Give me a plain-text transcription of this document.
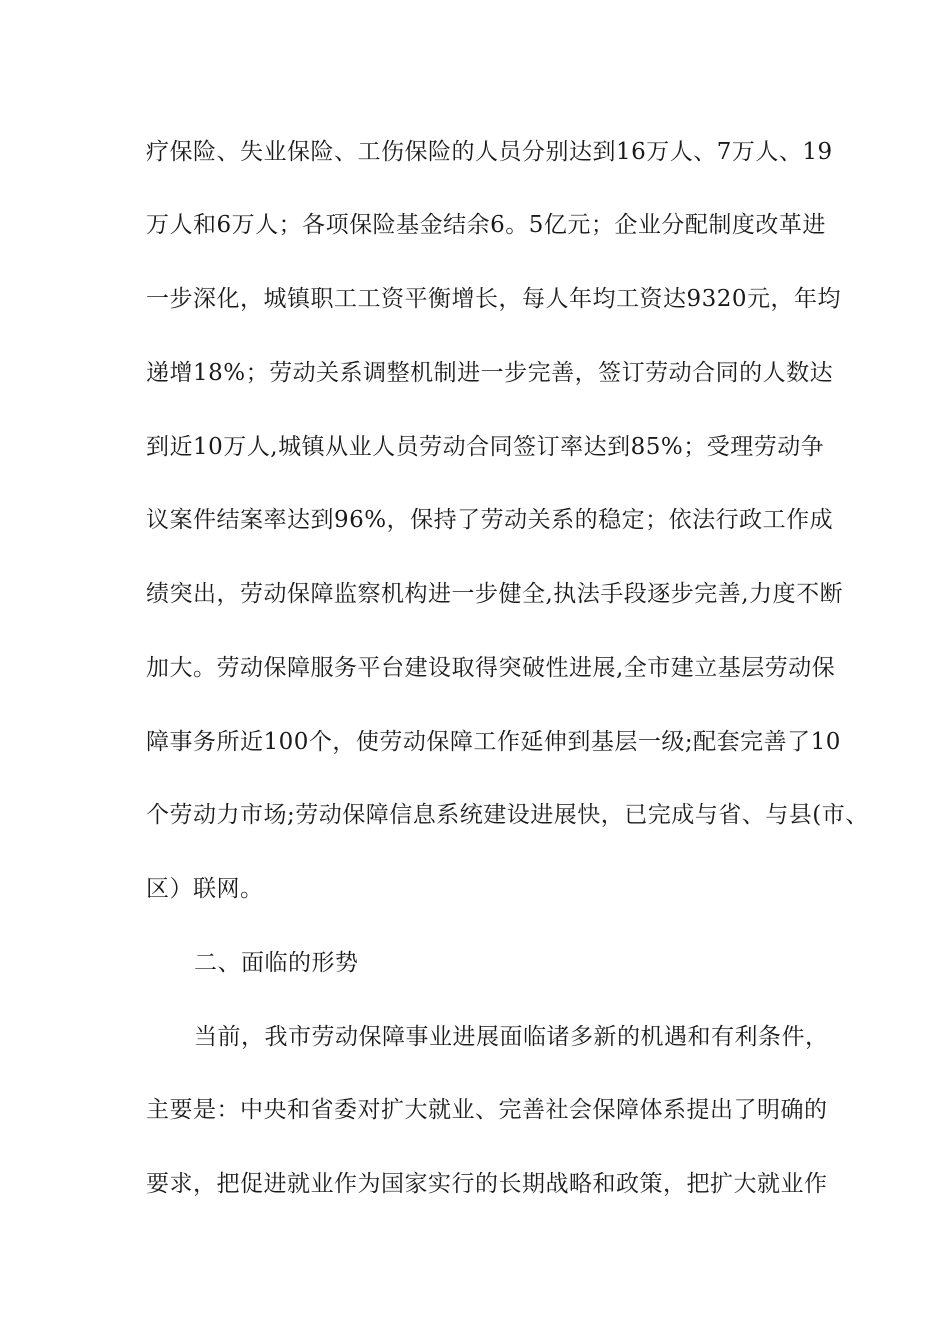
疗保险、失业保险、工伤保险的人员分别达到16万人、7万人、19
万人和6万人；各项保险基金结余6。5亿元；企业分配制度改革进
一步深化，城镇职工工资平衡增长，每人年均工资达9320元，年均
递增18%；劳动关系调整机制进一步完善，签订劳动合同的人数达
到近10万人,城镇从业人员劳动合同签订率达到85%；受理劳动争
议案件结案率达到96%，保持了劳动关系的稳定；依法行政工作成
绩突出，劳动保障监察机构进一步健全,执法手段逐步完善,力度不断
加大。劳动保障服务平台建设取得突破性进展,全市建立基层劳动保
障事务所近100个，使劳动保障工作延伸到基层一级;配套完善了10
个劳动力市场;劳动保障信息系统建设进展快，已完成与省、与县(市、
区）联网。
二、面临的形势
当前，我市劳动保障事业进展面临诸多新的机遇和有利条件，
主要是：中央和省委对扩大就业、完善社会保障体系提出了明确的
要求，把促进就业作为国家实行的长期战略和政策，把扩大就业作
